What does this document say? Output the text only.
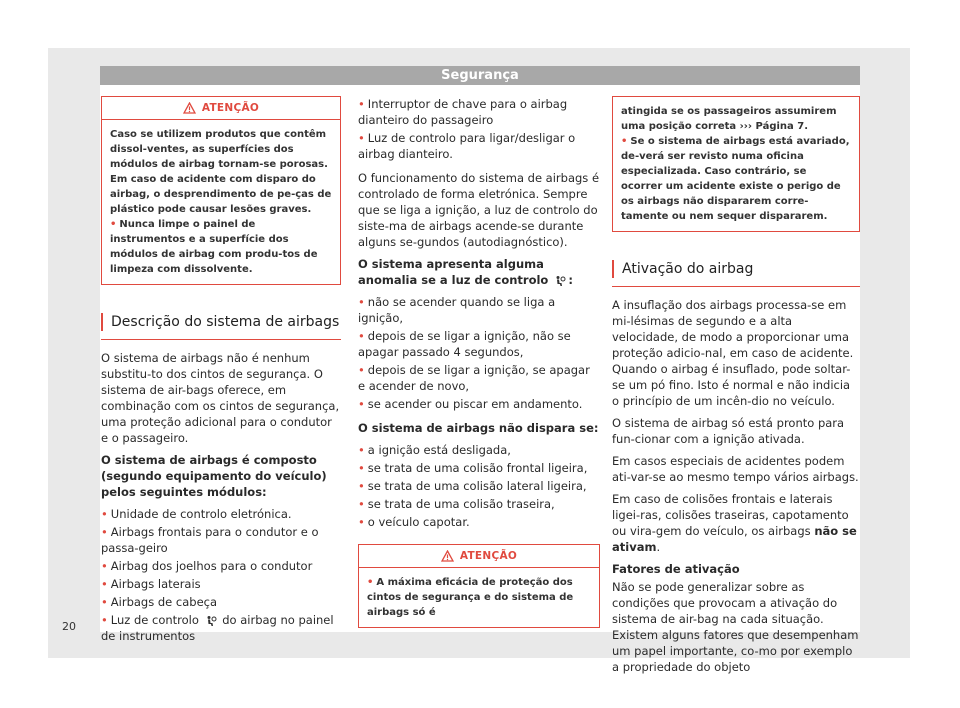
Segurança
ATENÇÃO
Caso se utilizem produtos que contêm dissol-ventes, as superfícies dos módulos de airbag tornam-se porosas. Em caso de acidente com disparo do airbag, o desprendimento de pe-ças de plástico pode causar lesões graves.
• Nunca limpe o painel de instrumentos e a superfície dos módulos de airbag com produ-tos de limpeza com dissolvente.
Descrição do sistema de airbags

O sistema de airbags não é nenhum substitu-to dos cintos de segurança. O sistema de air-bags oferece, em combinação com os cintos de segurança, uma proteção adicional para o condutor e o passageiro.

O sistema de airbags é composto (segundo equipamento do veículo) pelos seguintes módulos:

• Unidade de controlo eletrónica.
• Airbags frontais para o condutor e o passa-geiro
• Airbag dos joelhos para o condutor
• Airbags laterais
• Airbags de cabeça
• Luz de controlo do airbag no painel de instrumentos
• Interruptor de chave para o airbag dianteiro do passageiro
• Luz de controlo para ligar/desligar o airbag dianteiro.

O funcionamento do sistema de airbags é controlado de forma eletrónica. Sempre que se liga a ignição, a luz de controlo do siste-ma de airbags acende-se durante alguns se-gundos (autodiagnóstico).

O sistema apresenta alguma anomalia se a luz de controlo :

• não se acender quando se liga a ignição,
• depois de se ligar a ignição, não se apagar passado 4 segundos,
• depois de se ligar a ignição, se apagar e acender de novo,
• se acender ou piscar em andamento.

O sistema de airbags não dispara se:

• a ignição está desligada,
• se trata de uma colisão frontal ligeira,
• se trata de uma colisão lateral ligeira,
• se trata de uma colisão traseira,
• o veículo capotar.
ATENÇÃO
• A máxima eficácia de proteção dos cintos de segurança e do sistema de airbags só é
atingida se os passageiros assumirem uma posição correta ››› Página 7.
• Se o sistema de airbags está avariado, de-verá ser revisto numa oficina especializada. Caso contrário, se ocorrer um acidente existe o perigo de os airbags não dispararem corre-tamente ou nem sequer dispararem.
Ativação do airbag

A insuflação dos airbags processa-se em mi-lésimas de segundo e a alta velocidade, de modo a proporcionar uma proteção adicio-nal, em caso de acidente. Quando o airbag é insuflado, pode soltar-se um pó fino. Isto é normal e não indicia o princípio de um incên-dio no veículo.

O sistema de airbag só está pronto para fun-cionar com a ignição ativada.

Em casos especiais de acidentes podem ati-var-se ao mesmo tempo vários airbags.

Em caso de colisões frontais e laterais ligei-ras, colisões traseiras, capotamento ou vira-gem do veículo, os airbags não se ativam.

Fatores de ativação

Não se pode generalizar sobre as condições que provocam a ativação do sistema de air-bag na cada situação. Existem alguns fatores que desempenham um papel importante, co-mo por exemplo a propriedade do objeto

20
